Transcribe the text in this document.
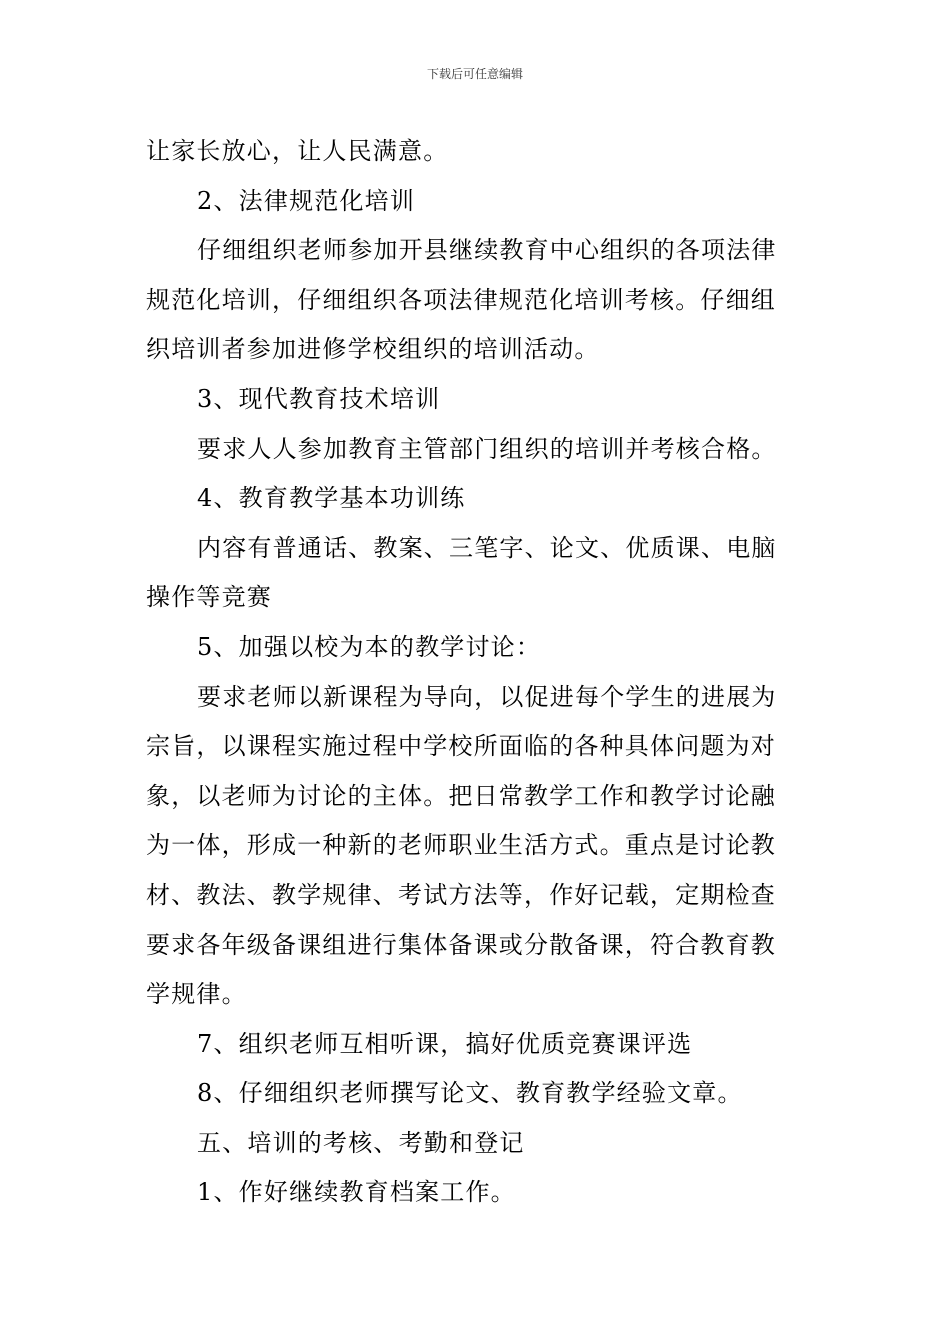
下载后可任意编辑
让家长放心，让人民满意。
2、法律规范化培训
仔细组织老师参加开县继续教育中心组织的各项法律
规范化培训，仔细组织各项法律规范化培训考核。仔细组
织培训者参加进修学校组织的培训活动。
3、现代教育技术培训
要求人人参加教育主管部门组织的培训并考核合格。
4、教育教学基本功训练
内容有普通话、教案、三笔字、论文、优质课、电脑
操作等竞赛
5、加强以校为本的教学讨论：
要求老师以新课程为导向，以促进每个学生的进展为
宗旨，以课程实施过程中学校所面临的各种具体问题为对
象，以老师为讨论的主体。把日常教学工作和教学讨论融
为一体，形成一种新的老师职业生活方式。重点是讨论教
材、教法、教学规律、考试方法等，作好记载，定期检查
要求各年级备课组进行集体备课或分散备课，符合教育教
学规律。
7、组织老师互相听课，搞好优质竞赛课评选
8、仔细组织老师撰写论文、教育教学经验文章。
五、培训的考核、考勤和登记
1、作好继续教育档案工作。
